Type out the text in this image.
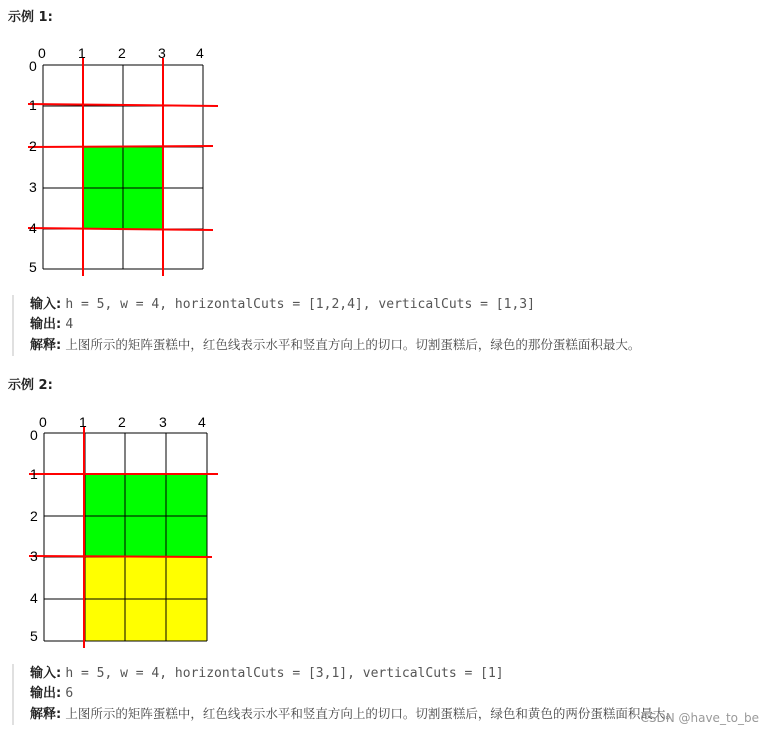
示例 1:
0 1 2 3 4
0
1
2
3
4
5
输入: h = 5, w = 4, horizontalCuts = [1,2,4], verticalCuts = [1,3]
输出: 4
解释: 上图所示的矩阵蛋糕中，红色线表示水平和竖直方向上的切口。切割蛋糕后，绿色的那份蛋糕面积最大。
示例 2:
0 1 2 3 4
0
1
2
3
4
5
输入: h = 5, w = 4, horizontalCuts = [3,1], verticalCuts = [1]
输出: 6
解释: 上图所示的矩阵蛋糕中，红色线表示水平和竖直方向上的切口。切割蛋糕后，绿色和黄色的两份蛋糕面积最大。
CSDN @have_to_be
